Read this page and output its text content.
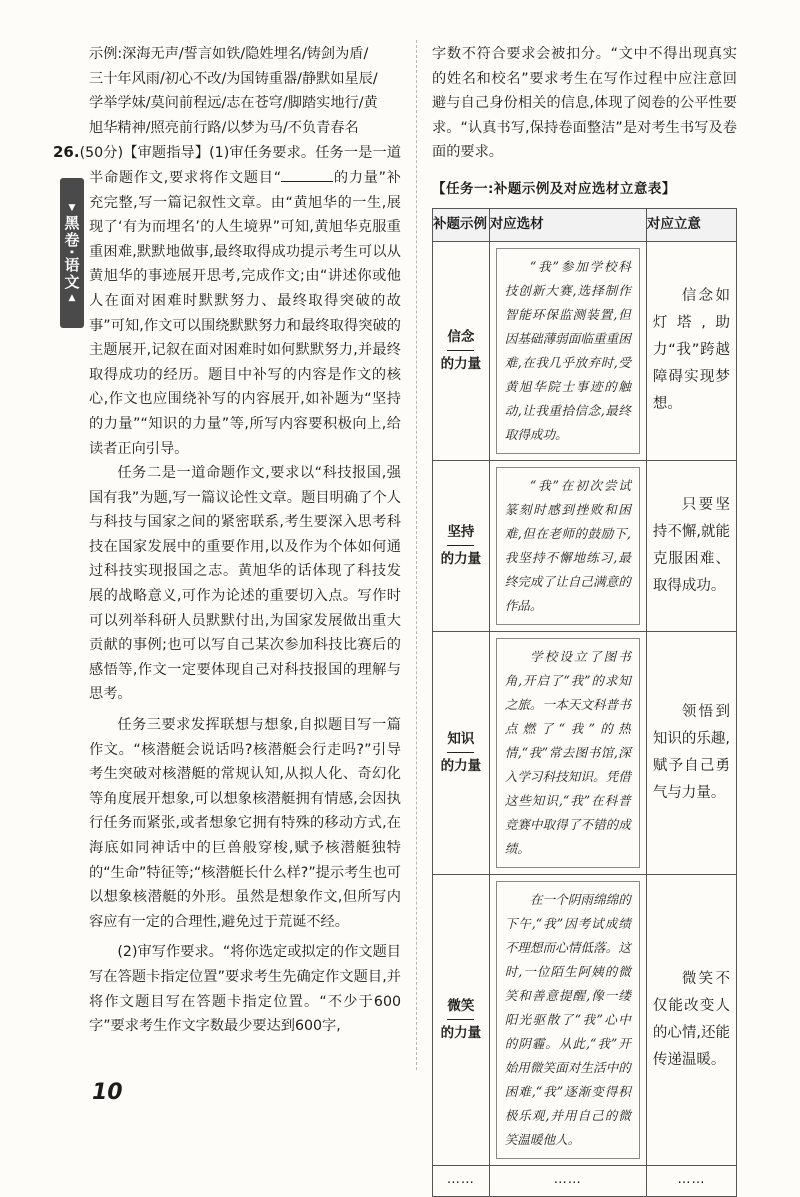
▼
黑卷·语文
▲

示例:深海无声/誓言如铁/隐姓埋名/铸剑为盾/

三十年风雨/初心不改/为国铸重器/静默如星辰/

学举学妹/莫问前程远/志在苍穹/脚踏实地行/黄

旭华精神/照亮前行路/以梦为马/不负青春名

26.(50分)【审题指导】(1)审任务要求。任务一是一道半命题作文,要求将作文题目“	的力量”补充完整,写一篇记叙性文章。由“黄旭华的一生,展现了‘有为而埋名’的人生境界”可知,黄旭华克服重重困难,默默地做事,最终取得成功提示考生可以从黄旭华的事迹展开思考,完成作文;由“讲述你或他人在面对困难时默默努力、最终取得突破的故事”可知,作文可以围绕默默努力和最终取得突破的主题展开,记叙在面对困难时如何默默努力,并最终取得成功的经历。题目中补写的内容是作文的核心,作文也应围绕补写的内容展开,如补题为“坚持的力量”“知识的力量”等,所写内容要积极向上,给读者正向引导。

任务二是一道命题作文,要求以“科技报国,强国有我”为题,写一篇议论性文章。题目明确了个人与科技与国家之间的紧密联系,考生要深入思考科技在国家发展中的重要作用,以及作为个体如何通过科技实现报国之志。黄旭华的话体现了科技发展的战略意义,可作为论述的重要切入点。写作时可以列举科研人员默默付出,为国家发展做出重大贡献的事例;也可以写自己某次参加科技比赛后的感悟等,作文一定要体现自己对科技报国的理解与思考。

任务三要求发挥联想与想象,自拟题目写一篇作文。“核潜艇会说话吗?核潜艇会行走吗?”引导考生突破对核潜艇的常规认知,从拟人化、奇幻化等角度展开想象,可以想象核潜艇拥有情感,会因执行任务而紧张,或者想象它拥有特殊的移动方式,在海底如同神话中的巨兽般穿梭,赋予核潜艇独特的“生命”特征等;“核潜艇长什么样?”提示考生也可以想象核潜艇的外形。虽然是想象作文,但所写内容应有一定的合理性,避免过于荒诞不经。

(2)审写作要求。“将你选定或拟定的作文题目写在答题卡指定位置”要求考生先确定作文题目,并将作文题目写在答题卡指定位置。“不少于600字”要求考生作文字数最少要达到600字,

字数不符合要求会被扣分。“文中不得出现真实的姓名和校名”要求考生在写作过程中应注意回避与自己身份相关的信息,体现了阅卷的公平性要求。“认真书写,保持卷面整洁”是对考生书写及卷面的要求。

【任务一:补题示例及对应选材立意表】
补题示例	对应选材	对应立意
信念
的力量	“我”参加学校科技创新大赛,选择制作智能环保监测装置,但因基础薄弱面临重重困难,在我几乎放弃时,受黄旭华院士事迹的触动,让我重拾信念,最终取得成功。	信念如灯塔,助力“我”跨越障碍实现梦想。

坚持
的力量	“我”在初次尝试篆刻时感到挫败和困难,但在老师的鼓励下,我坚持不懈地练习,最终完成了让自己满意的作品。	只要坚持不懈,就能克服困难、取得成功。

知识
的力量	学校设立了图书角,开启了“我”的求知之旅。一本天文科普书点燃了“我”的热情,“我”常去图书馆,深入学习科技知识。凭借这些知识,“我”在科普竞赛中取得了不错的成绩。	领悟到知识的乐趣,赋予自己勇气与力量。

微笑
的力量	在一个阴雨绵绵的下午,“我”因考试成绩不理想而心情低落。这时,一位陌生阿姨的微笑和善意提醒,像一缕阳光驱散了“我”心中的阴霾。从此,“我”开始用微笑面对生活中的困难,“我”逐渐变得积极乐观,并用自己的微笑温暖他人。	微笑不仅能改变人的心情,还能传递温暖。

……	……	……
10
